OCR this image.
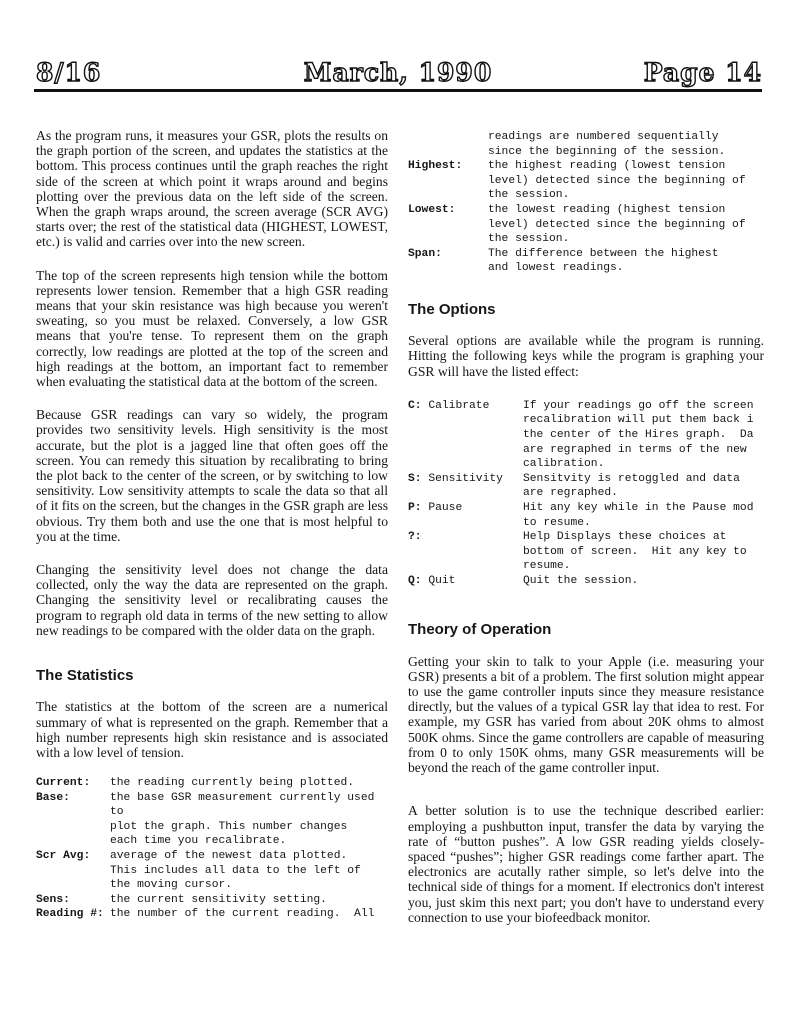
8/16	March, 1990	Page 14

As the program runs, it measures your GSR, plots the results on the graph portion of the screen, and updates the statistics at the bottom. This process continues until the graph reaches the right side of the screen at which point it wraps around and begins plotting over the previous data on the left side of the screen. When the graph wraps around, the screen average (SCR AVG) starts over; the rest of the statistical data (HIGHEST, LOWEST, etc.) is valid and carries over into the new screen.

The top of the screen represents high tension while the bottom represents lower tension. Remember that a high GSR reading means that your skin resistance was high because you weren't sweating, so you must be relaxed. Conversely, a low GSR means that you're tense. To represent them on the graph correctly, low readings are plotted at the top of the screen and high readings at the bottom, an important fact to remember when evaluating the statistical data at the bottom of the screen.

Because GSR readings can vary so widely, the program provides two sensitivity levels. High sensitivity is the most accurate, but the plot is a jagged line that often goes off the screen. You can remedy this situation by recalibrating to bring the plot back to the center of the screen, or by switching to low sensitivity. Low sensitivity attempts to scale the data so that all of it fits on the screen, but the changes in the GSR graph are less obvious. Try them both and use the one that is most helpful to you at the time.

Changing the sensitivity level does not change the data collected, only the way the data are represented on the graph. Changing the sensitivity level or recalibrating causes the program to regraph old data in terms of the new setting to allow new readings to be compared with the older data on the graph.

The Statistics

The statistics at the bottom of the screen are a numerical summary of what is represented on the graph. Remember that a high number represents high skin resistance and is associated with a low level of tension.

Current:	the reading currently being plotted.
Base:	the base GSR measurement currently used to
plot the graph. This number changes
each time you recalibrate.
Scr Avg:	average of the newest data plotted.
This includes all data to the left of
the moving cursor.
Sens:	the current sensitivity setting.
Reading #: the number of the current reading.  All
readings are numbered sequentially
since the beginning of the session.
Highest:	the highest reading (lowest tension
level) detected since the beginning of
the session.
Lowest:	the lowest reading (highest tension
level) detected since the beginning of
the session.
Span:	The difference between the highest
and lowest readings.
The Options

Several options are available while the program is running. Hitting the following keys while the program is graphing your GSR will have the listed effect:

C: Calibrate	If your readings go off the screen
recalibration will put them back i
the center of the Hires graph.  Da
are regraphed in terms of the new
calibration.
S: Sensitivity	Sensitvity is retoggled and data
are regraphed.
P: Pause	Hit any key while in the Pause mod
to resume.
?:	Help Displays these choices at
bottom of screen.  Hit any key to
resume.
Q: Quit	Quit the session.
Theory of Operation

Getting your skin to talk to your Apple (i.e. measuring your GSR) presents a bit of a problem. The first solution might appear to use the game controller inputs since they measure resistance directly, but the values of a typical GSR lay that idea to rest. For example, my GSR has varied from about 20K ohms to almost 500K ohms. Since the game controllers are capable of measuring from 0 to only 150K ohms, many GSR measurements will be beyond the reach of the game controller input.

A better solution is to use the technique described earlier: employing a pushbutton input, transfer the data by varying the rate of “button pushes”. A low GSR reading yields closely-spaced “pushes”; higher GSR readings come farther apart. The electronics are acutally rather simple, so let's delve into the technical side of things for a moment. If electronics don't interest you, just skim this next part; you don't have to understand every connection to use your biofeedback monitor.
